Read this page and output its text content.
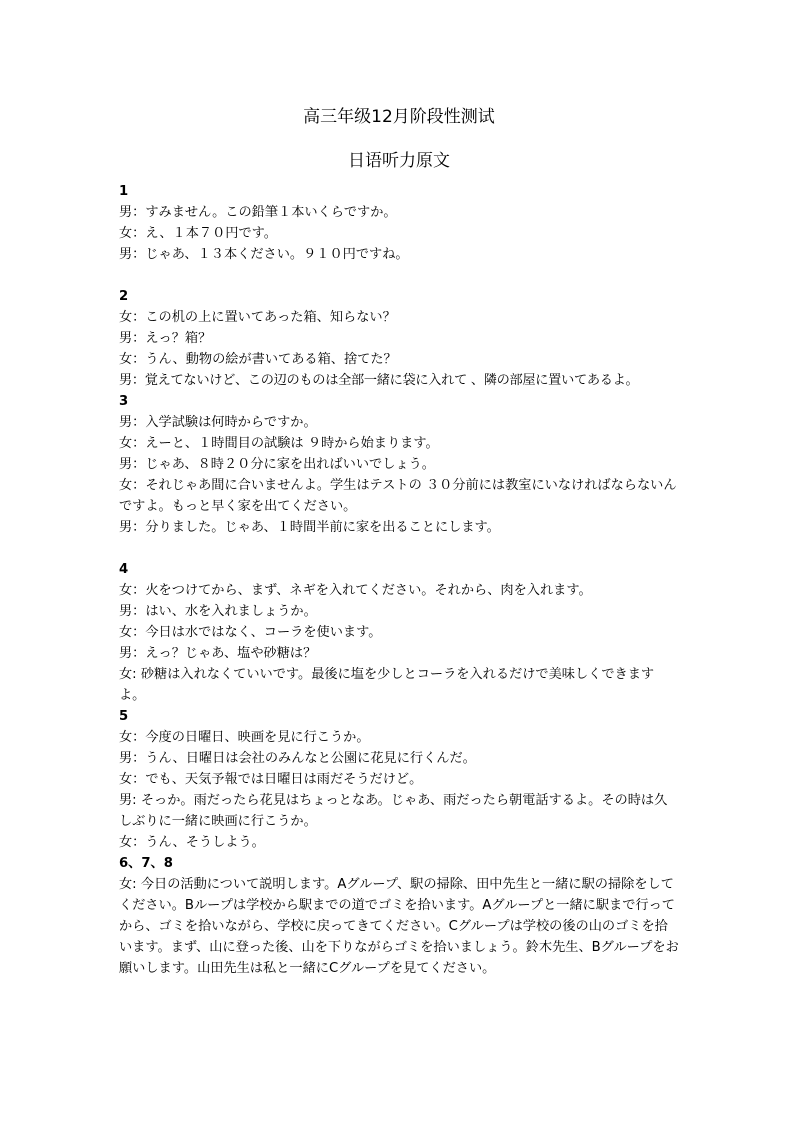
高三年级12月阶段性测试

日语听力原文

1

男：すみません。この鉛筆１本いくらですか。

女：え、１本７０円です。

男：じゃあ、１３本ください。９１０円ですね。

2

女：この机の上に置いてあった箱、知らない？

男：えっ？箱？

女：うん、動物の絵が書いてある箱、捨てた？

男：覚えてないけど、この辺のものは全部一緒に袋に入れて 、隣の部屋に置いてあるよ。

3

男：入学試験は何時からですか。

女：えーと、１時間目の試験は ９時から始まります。

男：じゃあ、８時２０分に家を出ればいいでしょう。

女：それじゃあ間に合いませんよ。学生はテストの ３０分前には教室にいなければならないんですよ。もっと早く家を出てください。

男：分りました。じゃあ、１時間半前に家を出ることにします。

4

女：火をつけてから、まず、ネギを入れてください。それから、肉を入れます。

男：はい、水を入れましょうか。

女：今日は水ではなく、コーラを使います。

男：えっ？じゃあ、塩や砂糖は？

女: 砂糖は入れなくていいです。最後に塩を少しとコーラを入れるだけで美味しくできますよ。

5

女：今度の日曜日、映画を見に行こうか。

男：うん、日曜日は会社のみんなと公園に花見に行くんだ。

女：でも、天気予報では日曜日は雨だそうだけど。

男: そっか。雨だったら花見はちょっとなあ。じゃあ、雨だったら朝電話するよ。その時は久しぶりに一緒に映画に行こうか。

女：うん、そうしよう。

6、7、8

女: 今日の活動について説明します。Aグループ、駅の掃除、田中先生と一緒に駅の掃除をしてください。Bループは学校から駅までの道でゴミを拾います。Aグループと一緒に駅まで行ってから、ゴミを拾いながら、学校に戻ってきてください。Cグループは学校の後の山のゴミを拾います。まず、山に登った後、山を下りながらゴミを拾いましょう。鈴木先生、Bグループをお願いします。山田先生は私と一緒にCグループを見てください。
